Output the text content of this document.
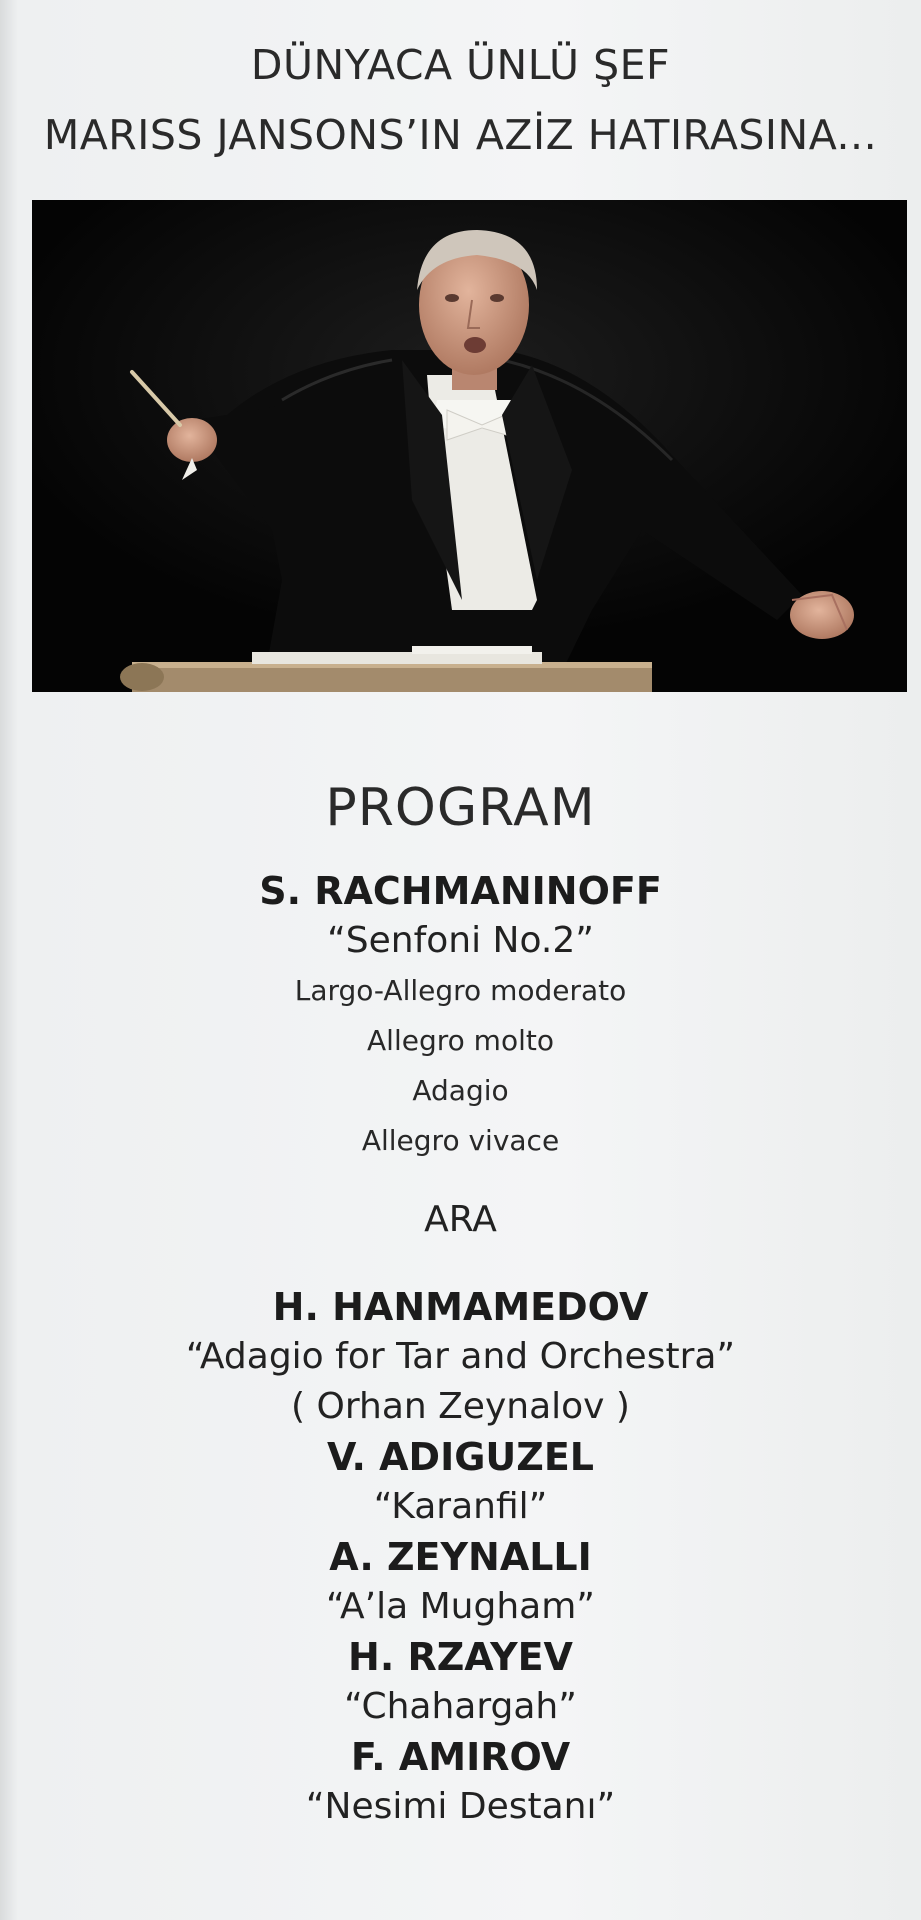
DÜNYACA ÜNLÜ ŞEF
MARISS JANSONS’IN AZİZ HATIRASINA...
PROGRAM
S. RACHMANINOFF
“Senfoni No.2”
Largo-Allegro moderato
Allegro molto
Adagio
Allegro vivace
ARA
H. HANMAMEDOV
“Adagio for Tar and Orchestra”
( Orhan Zeynalov )
V. ADIGUZEL
“Karanfil”
A. ZEYNALLI
“A’la Mugham”
H. RZAYEV
“Chahargah”
F. AMIROV
“Nesimi Destanı”
